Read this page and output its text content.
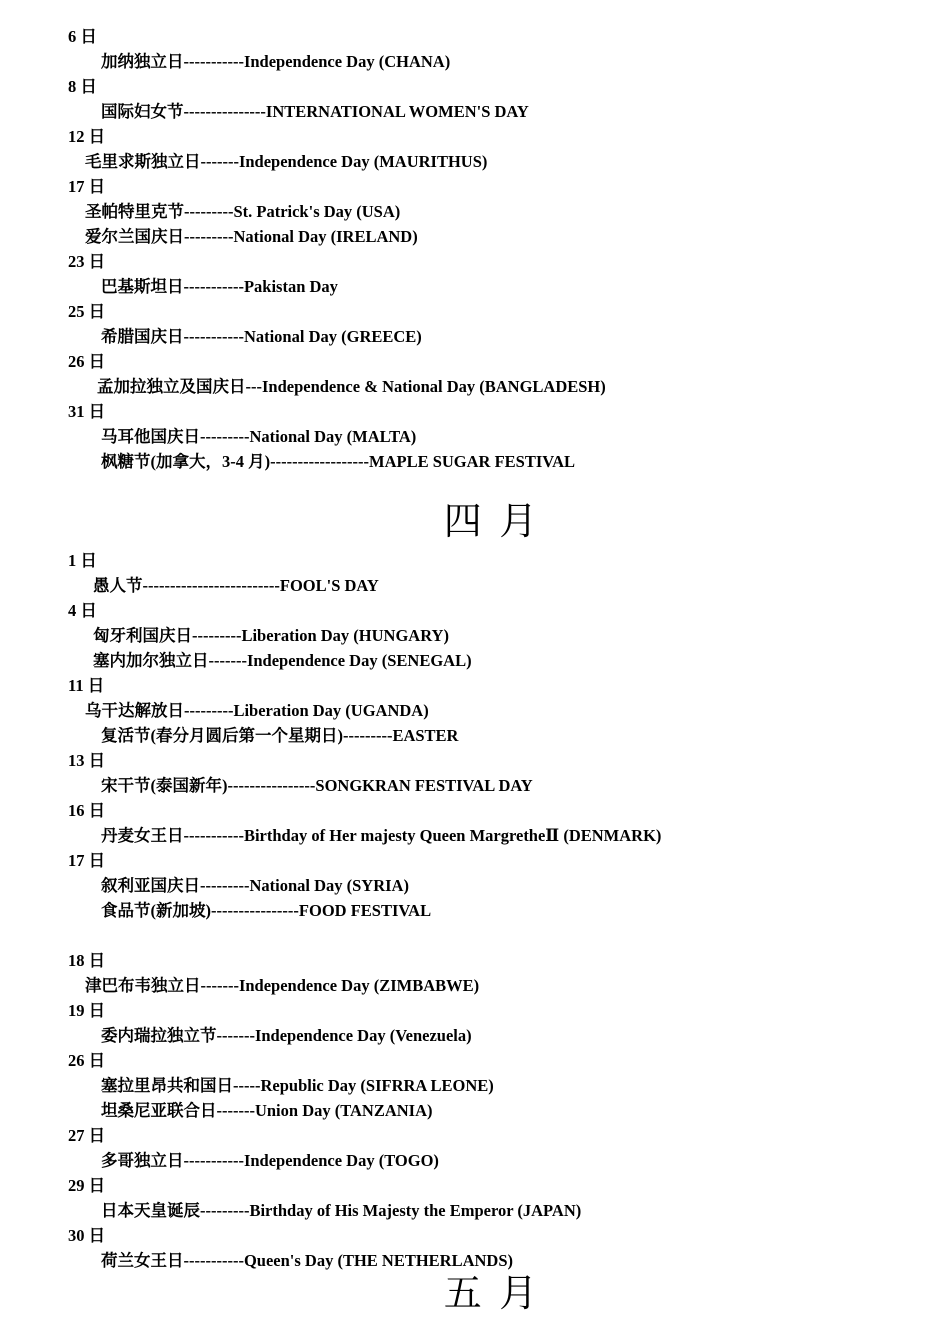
6 日
加纳独立日-----------Independence Day (CHANA)
8 日
国际妇女节---------------INTERNATIONAL WOMEN'S DAY
12 日
毛里求斯独立日-------Independence Day (MAURITHUS)
17 日
圣帕特里克节---------St. Patrick's Day (USA)
爱尔兰国庆日---------National Day (IRELAND)
23 日
巴基斯坦日-----------Pakistan Day
25 日
希腊国庆日-----------National Day (GREECE)
26 日
孟加拉独立及国庆日---Independence & National Day (BANGLADESH)
31 日
马耳他国庆日---------National Day (MALTA)
枫糖节(加拿大，3-4 月)------------------MAPLE SUGAR FESTIVAL
四 月
1 日
愚人节-------------------------FOOL'S DAY
4 日
匈牙利国庆日---------Liberation Day (HUNGARY)
塞内加尔独立日-------Independence Day (SENEGAL)
11 日
乌干达解放日---------Liberation Day (UGANDA)
复活节(春分月圆后第一个星期日)---------EASTER
13 日
宋干节(泰国新年)----------------SONGKRAN FESTIVAL DAY
16 日
丹麦女王日-----------Birthday of Her majesty Queen MargretheⅡ (DENMARK)
17 日
叙利亚国庆日---------National Day (SYRIA)
食品节(新加坡)----------------FOOD FESTIVAL
18 日
津巴布韦独立日-------Independence Day (ZIMBABWE)
19 日
委内瑞拉独立节-------Independence Day (Venezuela)
26 日
塞拉里昂共和国日-----Republic Day (SIFRRA LEONE)
坦桑尼亚联合日-------Union Day (TANZANIA)
27 日
多哥独立日-----------Independence Day (TOGO)
29 日
日本天皇诞辰---------Birthday of His Majesty the Emperor (JAPAN)
30 日
荷兰女王日-----------Queen's Day (THE NETHERLANDS)
五 月
